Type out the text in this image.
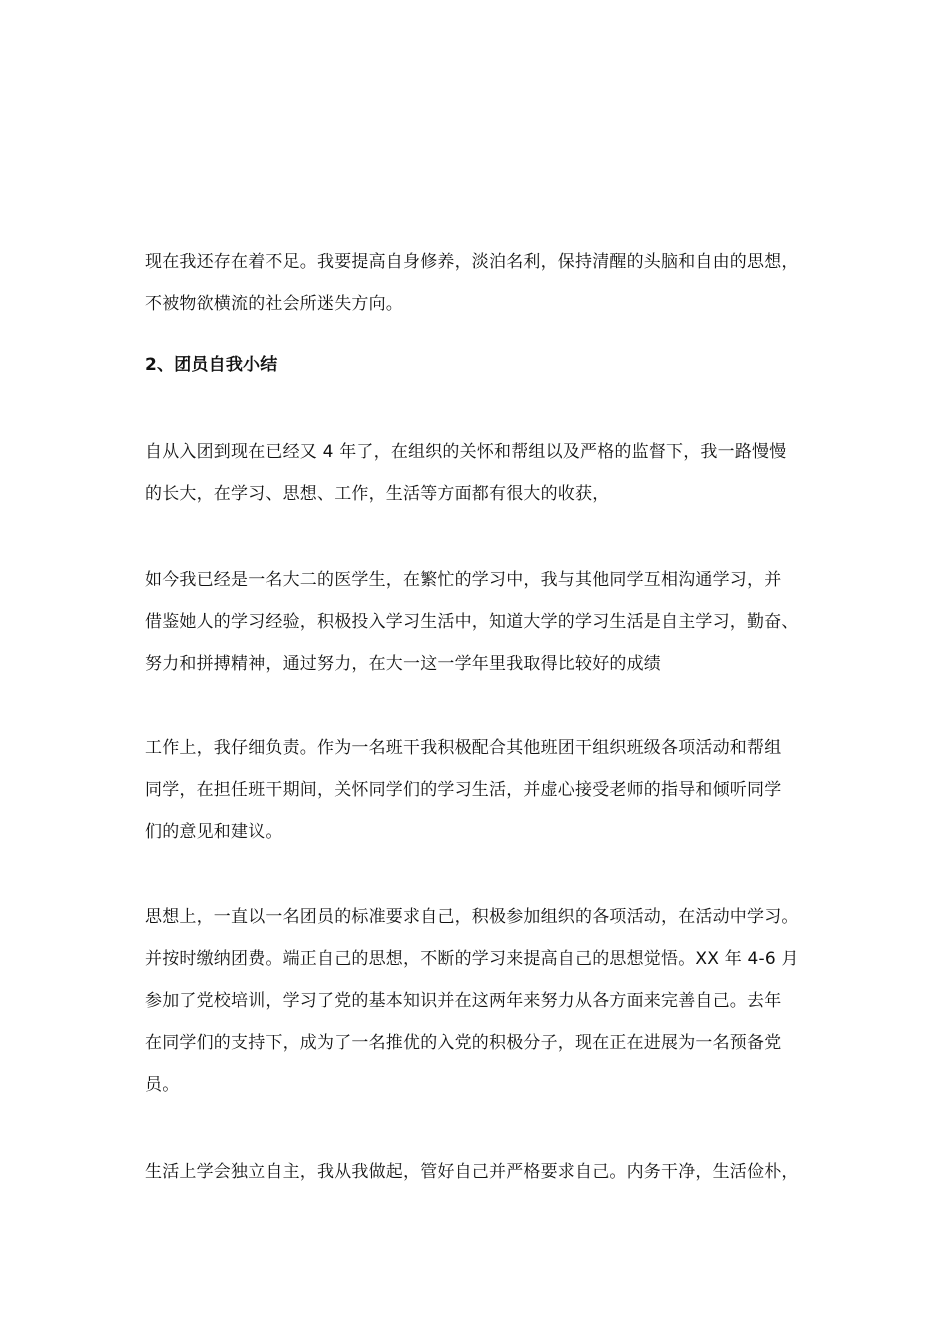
现在我还存在着不足。我要提高自身修养，淡泊名利，保持清醒的头脑和自由的思想，
不被物欲横流的社会所迷失方向。
2、团员自我小结
自从入团到现在已经又 4 年了，在组织的关怀和帮组以及严格的监督下，我一路慢慢
的长大，在学习、思想、工作，生活等方面都有很大的收获，
如今我已经是一名大二的医学生，在繁忙的学习中，我与其他同学互相沟通学习，并
借鉴她人的学习经验，积极投入学习生活中，知道大学的学习生活是自主学习，勤奋、
努力和拼搏精神，通过努力，在大一这一学年里我取得比较好的成绩
工作上，我仔细负责。作为一名班干我积极配合其他班团干组织班级各项活动和帮组
同学，在担任班干期间，关怀同学们的学习生活，并虚心接受老师的指导和倾听同学
们的意见和建议。
思想上，一直以一名团员的标准要求自己，积极参加组织的各项活动，在活动中学习。
并按时缴纳团费。端正自己的思想，不断的学习来提高自己的思想觉悟。XX 年 4-6 月
参加了党校培训，学习了党的基本知识并在这两年来努力从各方面来完善自己。去年
在同学们的支持下，成为了一名推优的入党的积极分子，现在正在进展为一名预备党
员。
生活上学会独立自主，我从我做起，管好自己并严格要求自己。内务干净，生活俭朴，
